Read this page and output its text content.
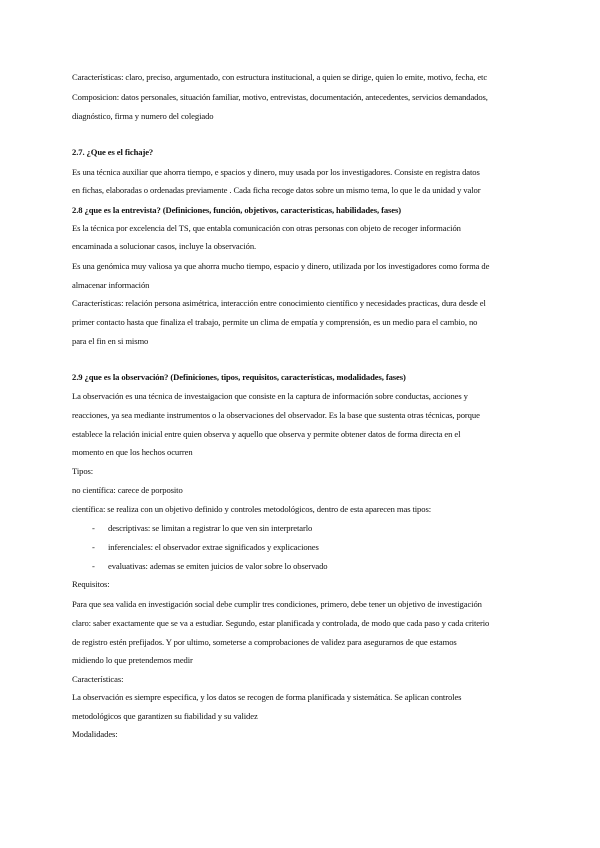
Características: claro, preciso, argumentado, con estructura institucional, a quien se dirige, quien lo emite, motivo, fecha, etc

Composicion: datos personales, situación familiar, motivo, entrevistas, documentación, antecedentes, servicios demandados,

diagnóstico, firma y numero del colegiado

2.7. ¿Que es el fichaje?

Es una técnica auxiliar que ahorra tiempo, e spacios y dinero, muy usada por los investigadores. Consiste en registra datos

en fichas, elaboradas o ordenadas previamente . Cada ficha recoge datos sobre un mismo tema, lo que le da unidad y valor

2.8 ¿que es la entrevista? (Definiciones, función, objetivos, caracteristicas, habilidades, fases)

Es la técnica por excelencia del TS, que entabla comunicación con otras personas con objeto de recoger información

encaminada a solucionar casos, incluye la observación.

Es una genómica muy valiosa ya que ahorra mucho tiempo, espacio y dinero, utilizada por los investigadores como forma de

almacenar información

Características: relación persona asimétrica, interacción entre conocimiento científico y necesidades practicas, dura desde el

primer contacto hasta que finaliza el trabajo, permite un clima de empatía y comprensión, es un medio para el cambio, no

para el fin en si mismo

2.9 ¿que es la observación? (Definiciones, tipos, requisitos, características, modalidades, fases)

La observación es una técnica de investaigacion que consiste en la captura de información sobre conductas, acciones y

reacciones, ya sea mediante instrumentos o la observaciones del observador. Es la base que sustenta otras técnicas, porque

establece la relación inicial entre quien observa y aquello que observa y permite obtener datos de forma directa en el

momento en que los hechos ocurren

Tipos:

no científica: carece de porposito

científica: se realiza con un objetivo definido y controles metodológicos, dentro de esta aparecen mas tipos:

- descriptivas: se limitan a registrar lo que ven sin interpretarlo

- inferenciales: el observador extrae significados y explicaciones

- evaluativas: ademas se emiten juicios de valor sobre lo observado

Requisitos:

Para que sea valida en investigación social debe cumplir tres condiciones, primero, debe tener un objetivo de investigación

claro: saber exactamente que se va a estudiar. Segundo, estar planificada y controlada, de modo que cada paso y cada criterio

de registro estén prefijados. Y por ultimo, someterse a comprobaciones de validez para asegurarnos de que estamos

midiendo lo que pretendemos medir

Características:

La observación es siempre especifica, y los datos se recogen de forma planificada y sistemática. Se aplican controles

metodológicos que garantizen su fiabilidad y su validez

Modalidades:
